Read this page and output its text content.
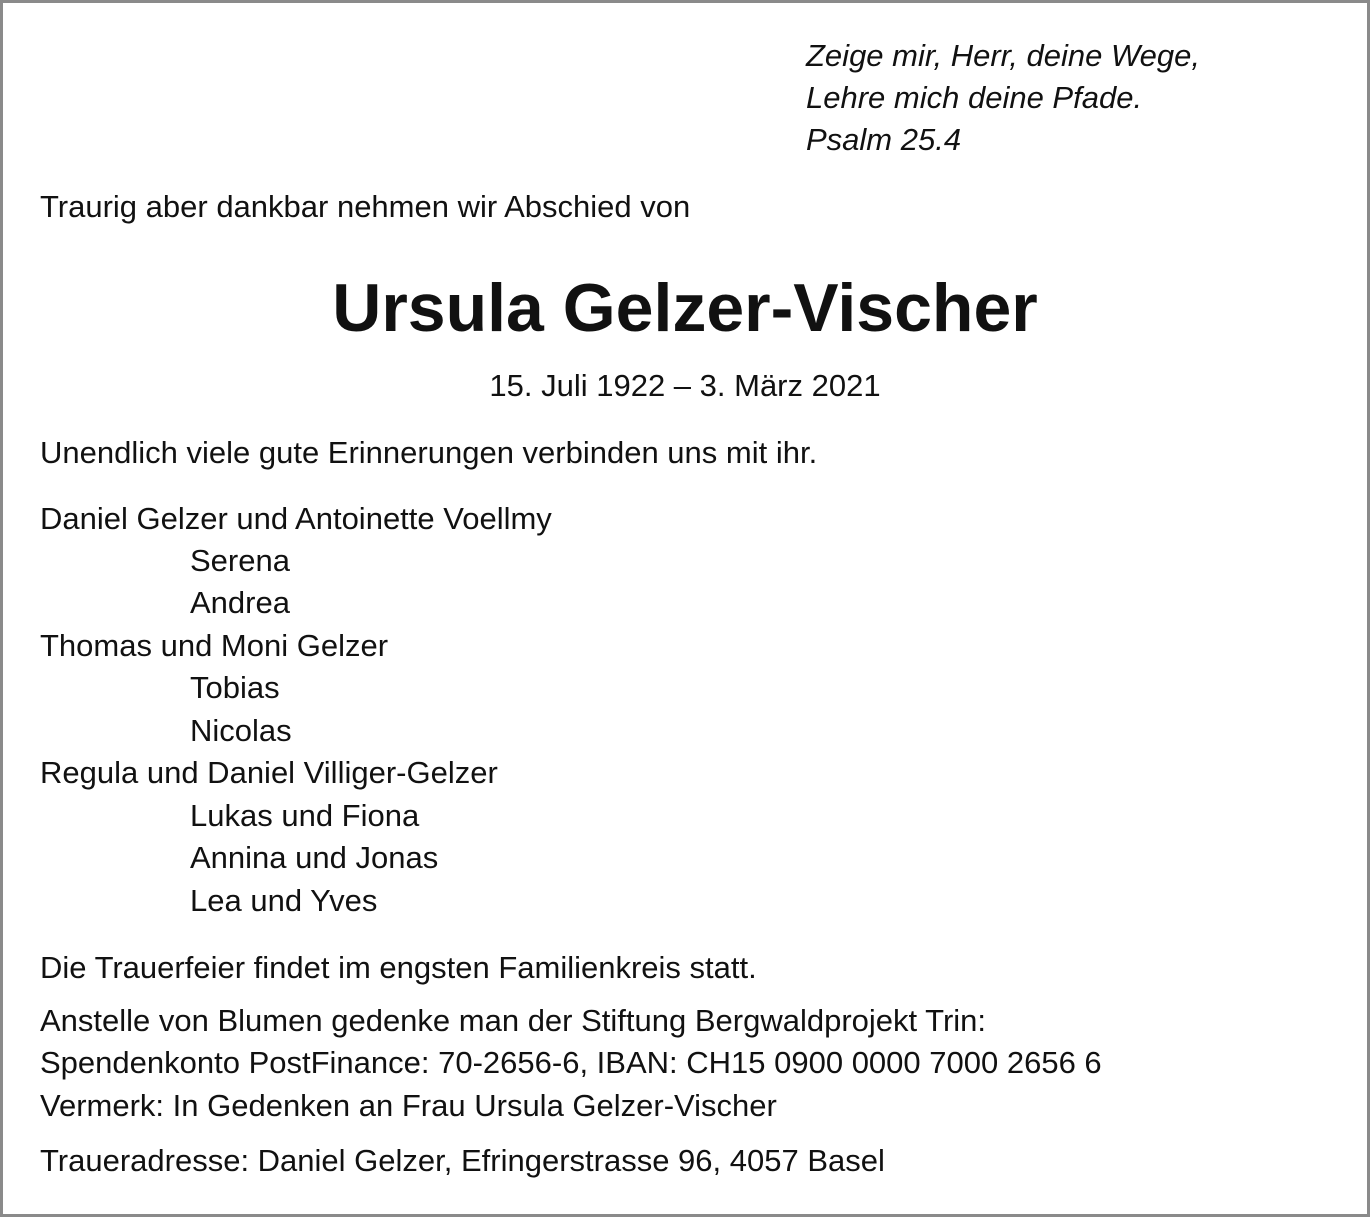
Zeige mir, Herr, deine Wege,
Lehre mich deine Pfade.
Psalm 25.4
Traurig aber dankbar nehmen wir Abschied von
Ursula Gelzer-Vischer
15. Juli 1922 – 3. März 2021
Unendlich viele gute Erinnerungen verbinden uns mit ihr.
Daniel Gelzer und Antoinette Voellmy
Serena
Andrea
Thomas und Moni Gelzer
Tobias
Nicolas
Regula und Daniel Villiger-Gelzer
Lukas und Fiona
Annina und Jonas
Lea und Yves
Die Trauerfeier findet im engsten Familienkreis statt.
Anstelle von Blumen gedenke man der Stiftung Bergwaldprojekt Trin:
Spendenkonto PostFinance: 70-2656-6, IBAN: CH15 0900 0000 7000 2656 6
Vermerk: In Gedenken an Frau Ursula Gelzer-Vischer
Traueradresse: Daniel Gelzer, Efringerstrasse 96, 4057 Basel
